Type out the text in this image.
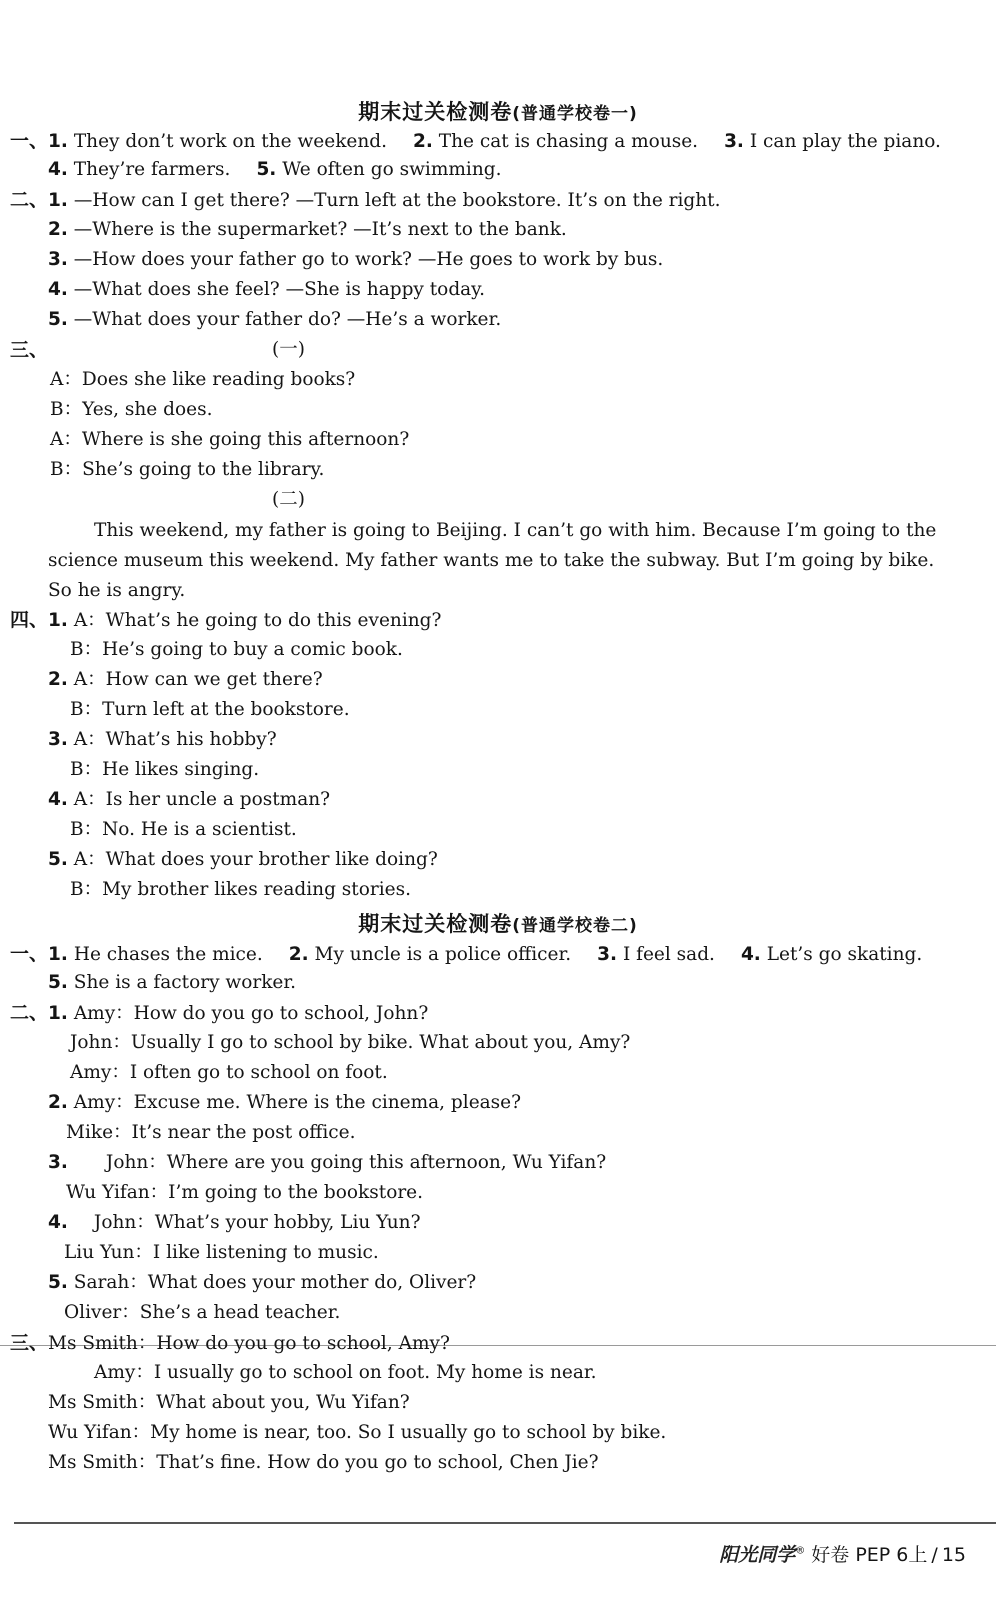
期末过关检测卷(普通学校卷一)
一、1. They don’t work on the weekend. 2. The cat is chasing a mouse. 3. I can play the piano.
4. They’re farmers. 5. We often go swimming.
二、1. —How can I get there? —Turn left at the bookstore. It’s on the right.
2. —Where is the supermarket? —It’s next to the bank.
3. —How does your father go to work? —He goes to work by bus.
4. —What does she feel? —She is happy today.
5. —What does your father do? —He’s a worker.
三、	(一)
A：Does she like reading books?
B：Yes, she does.
A：Where is she going this afternoon?
B：She’s going to the library.
(二)
This weekend, my father is going to Beijing. I can’t go with him. Because I’m going to the
science museum this weekend. My father wants me to take the subway. But I’m going by bike.
So he is angry.
四、1. A：What’s he going to do this evening?
B：He’s going to buy a comic book.
2. A：How can we get there?
B：Turn left at the bookstore.
3. A：What’s his hobby?
B：He likes singing.
4. A：Is her uncle a postman?
B：No. He is a scientist.
5. A：What does your brother like doing?
B：My brother likes reading stories.
期末过关检测卷(普通学校卷二)
一、1. He chases the mice. 2. My uncle is a police officer. 3. I feel sad. 4. Let’s go skating.
5. She is a factory worker.
二、1. Amy：How do you go to school, John?
John：Usually I go to school by bike. What about you, Amy?
Amy：I often go to school on foot.
2. Amy：Excuse me. Where is the cinema, please?
Mike：It’s near the post office.
3. John：Where are you going this afternoon, Wu Yifan?
Wu Yifan：I’m going to the bookstore.
4. John：What’s your hobby, Liu Yun?
Liu Yun：I like listening to music.
5. Sarah：What does your mother do, Oliver?
Oliver：She’s a head teacher.
三、Ms Smith：How do you go to school, Amy?
Amy：I usually go to school on foot. My home is near.
Ms Smith：What about you, Wu Yifan?
Wu Yifan：My home is near, too. So I usually go to school by bike.
Ms Smith：That’s fine. How do you go to school, Chen Jie?
阳光同学® 好卷 PEP 6上 / 15
